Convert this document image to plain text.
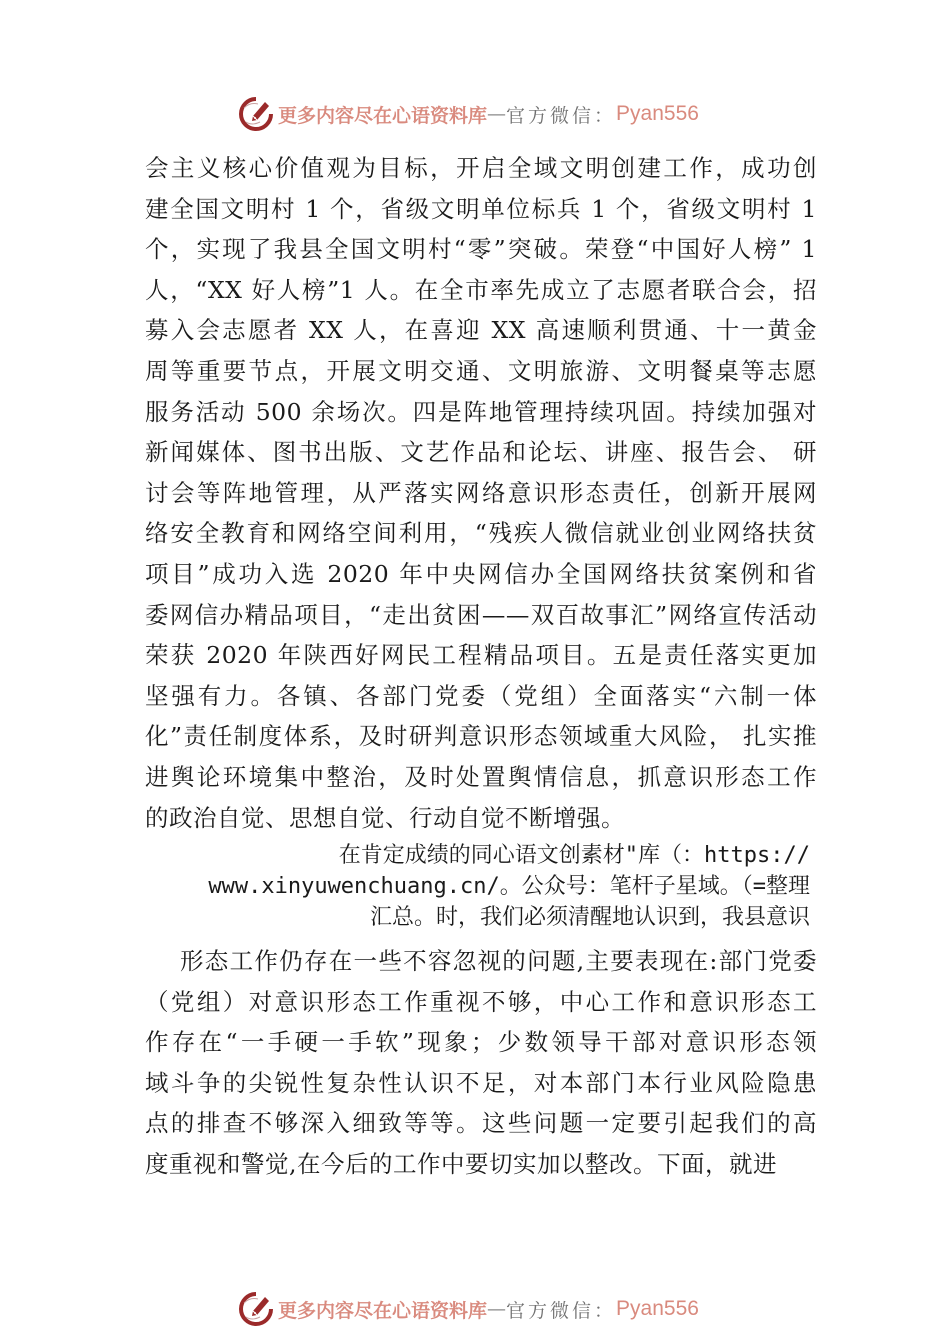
更多内容尽在心语资料库 — 官方微信： Pyan556
会主义核心价值观为目标，开启全域文明创建工作，成功创
建全国文明村 1 个，省级文明单位标兵 1 个，省级文明村 1
个，实现了我县全国文明村“零”突破。荣登“中国好人榜” 1
人，“XX 好人榜”1 人。在全市率先成立了志愿者联合会，招
募入会志愿者 XX 人，在喜迎 XX 高速顺利贯通、十一黄金
周等重要节点，开展文明交通、文明旅游、文明餐桌等志愿
服务活动 500 余场次。四是阵地管理持续巩固。持续加强对
新闻媒体、图书出版、文艺作品和论坛、讲座、报告会、 研
讨会等阵地管理，从严落实网络意识形态责任，创新开展网
络安全教育和网络空间利用，“残疾人微信就业创业网络扶贫
项目”成功入选 2020 年中央网信办全国网络扶贫案例和省
委网信办精品项目，“走出贫困——双百故事汇”网络宣传活动
荣获 2020 年陕西好网民工程精品项目。五是责任落实更加
坚强有力。各镇、各部门党委（党组）全面落实“六制一体
化”责任制度体系，及时研判意识形态领域重大风险， 扎实推
进舆论环境集中整治，及时处置舆情信息，抓意识形态工作
的政治自觉、思想自觉、行动自觉不断增强。
在肯定成绩的同心语文创素材"库（：https://
www.xinyuwenchuang.cn/。公众号：笔杆子星域。（=整理
汇总。时，我们必须清醒地认识到，我县意识
形态工作仍存在一些不容忽视的问题,主要表现在:部门党委
（党组）对意识形态工作重视不够，中心工作和意识形态工
作存在“一手硬一手软”现象；少数领导干部对意识形态领
域斗争的尖锐性复杂性认识不足，对本部门本行业风险隐患
点的排查不够深入细致等等。这些问题一定要引起我们的高
度重视和警觉,在今后的工作中要切实加以整改。下面，就进
更多内容尽在心语资料库 — 官方微信： Pyan556
